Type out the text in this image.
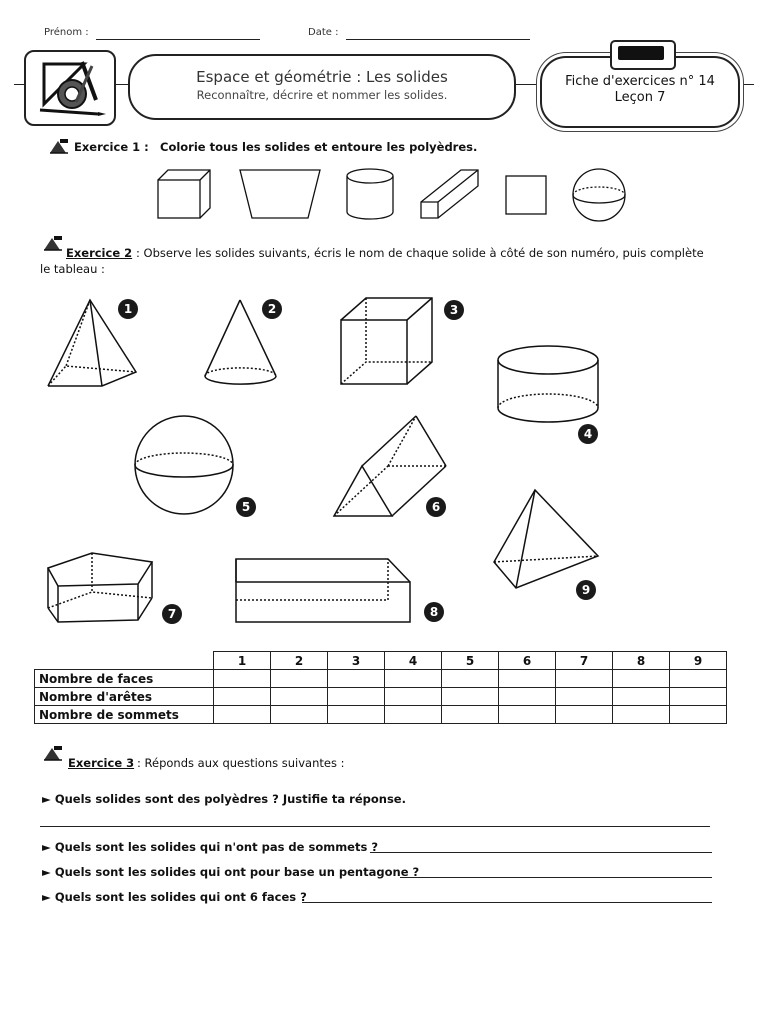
Prénom :	Date :
Espace et géométrie : Les solides
Reconnaître, décrire et nommer les solides.
Fiche d'exercices n° 14
Leçon 7
Exercice 1 : Colorie tous les solides et entoure les polyèdres.
Exercice 2 : Observe les solides suivants, écris le nom de chaque solide à côté de son numéro, puis complète
le tableau :
1	2	3
4
5	6
7	8
9
	1	2	3	4	5	6	7	8	9
Nombre de faces									
Nombre d'arêtes									
Nombre de sommets									
Exercice 3 : Réponds aux questions suivantes :
► Quels solides sont des polyèdres ? Justifie ta réponse.
► Quels sont les solides qui n'ont pas de sommets ?
► Quels sont les solides qui ont pour base un pentagone ?
► Quels sont les solides qui ont 6 faces ?
